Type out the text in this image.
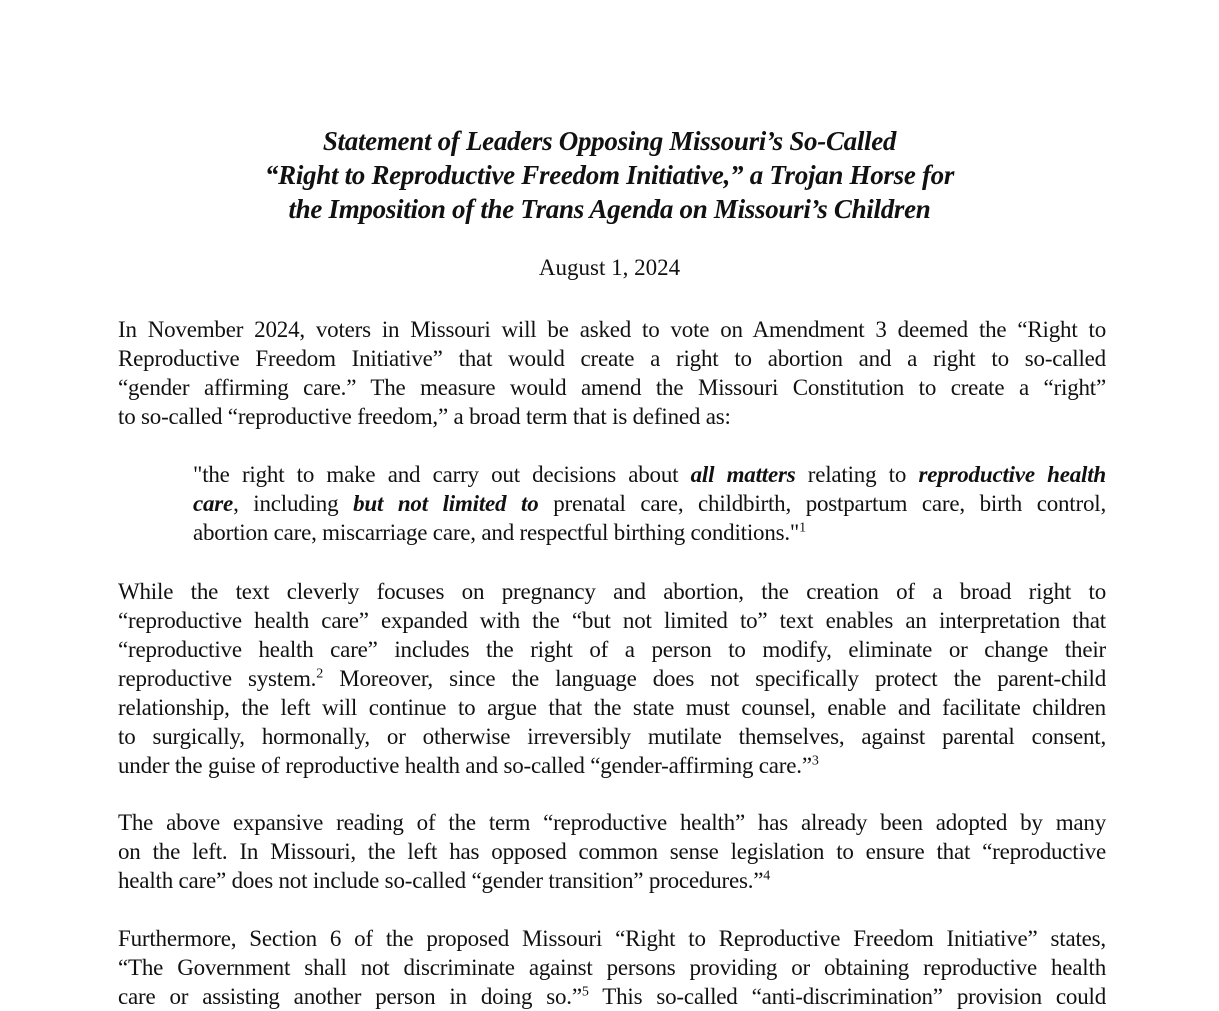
Statement of Leaders Opposing Missouri’s So-Called
“Right to Reproductive Freedom Initiative,” a Trojan Horse for
the Imposition of the Trans Agenda on Missouri’s Children
August 1, 2024
In November 2024, voters in Missouri will be asked to vote on Amendment 3 deemed the “Right to
Reproductive Freedom Initiative” that would create a right to abortion and a right to so-called
“gender affirming care.” The measure would amend the Missouri Constitution to create a “right”
to so-called “reproductive freedom,” a broad term that is defined as:
"the right to make and carry out decisions about all matters relating to reproductive health
care, including but not limited to prenatal care, childbirth, postpartum care, birth control,
abortion care, miscarriage care, and respectful birthing conditions."$^1$
While the text cleverly focuses on pregnancy and abortion, the creation of a broad right to
“reproductive health care” expanded with the “but not limited to” text enables an interpretation that
“reproductive health care” includes the right of a person to modify, eliminate or change their
reproductive system.$^2$ Moreover, since the language does not specifically protect the parent-child
relationship, the left will continue to argue that the state must counsel, enable and facilitate children
to surgically, hormonally, or otherwise irreversibly mutilate themselves, against parental consent,
under the guise of reproductive health and so-called “gender-affirming care.”$^3$
The above expansive reading of the term “reproductive health” has already been adopted by many
on the left. In Missouri, the left has opposed common sense legislation to ensure that “reproductive
health care” does not include so-called “gender transition” procedures.”$^4$
Furthermore, Section 6 of the proposed Missouri “Right to Reproductive Freedom Initiative” states,
“The Government shall not discriminate against persons providing or obtaining reproductive health
care or assisting another person in doing so.”$^5$ This so-called “anti-discrimination” provision could
